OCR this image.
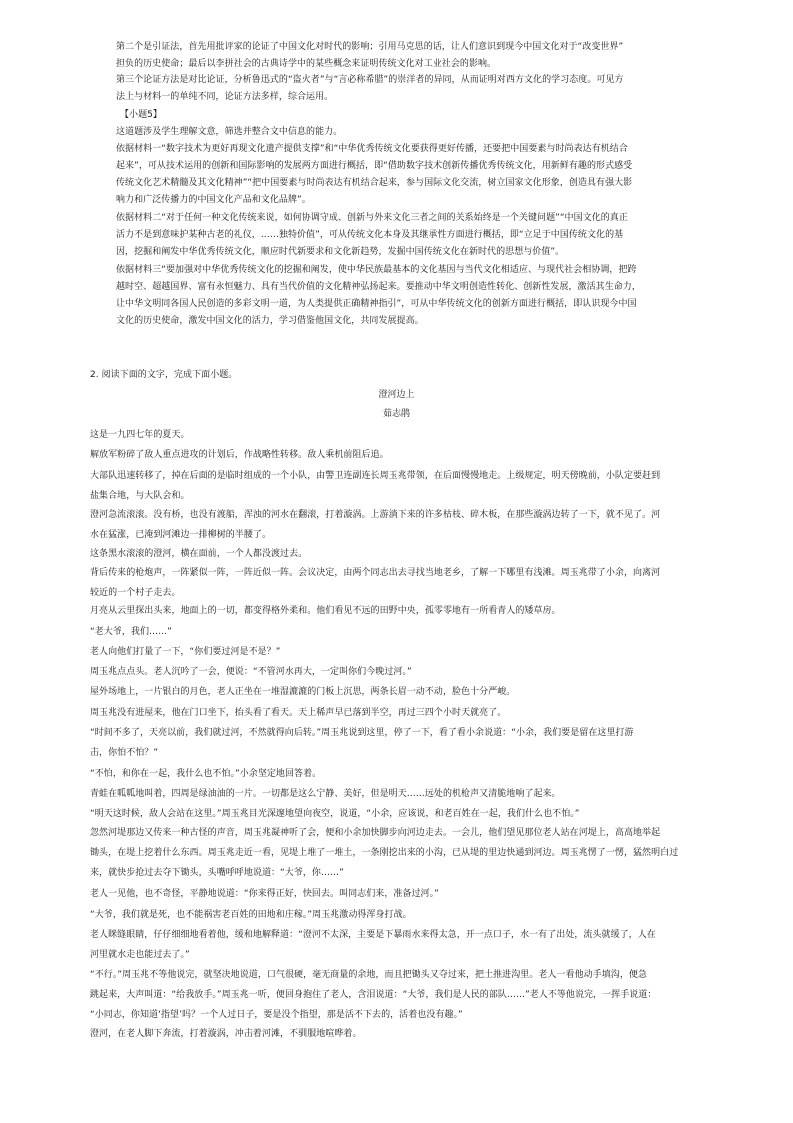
第二个是引证法，首先用批评家的论证了中国文化对时代的影响；引用马克思的话，让人们意识到现今中国文化对于“改变世界”

担负的历史使命；最后以李拼社会的古典诗学中的某些概念来证明传统文化对工业社会的影响。

第三个论证方法是对比论证，分析鲁迅式的“盗火者”与“言必称希腊”的崇洋者的异同，从而证明对西方文化的学习态度。可见方

法上与材料一的单纯不同，论证方法多样，综合运用。

【小题5】

这道题涉及学生理解文意，筛选并整合文中信息的能力。

依据材料一“数字技术为更好再现文化遗产提供支撑”和“中华优秀传统文化要获得更好传播，还要把中国要素与时尚表达有机结合

起来”，可从技术运用的创新和国际影响的发展两方面进行概括，即“借助数字技术创新传播优秀传统文化，用新鲜有趣的形式感受

传统文化艺术精髓及其文化精神”“把中国要素与时尚表达有机结合起来，参与国际文化交流，树立国家文化形象，创造具有强大影

响力和广泛传播力的中国文化产品和文化品牌”。

依据材料二“对于任何一种文化传统来说，如何协调守成、创新与外来文化三者之间的关系始终是一个关键问题”“中国文化的真正

活力不是到意味护某种古老的礼仪，……独特价值”，可从传统文化本身及其继承性方面进行概括，即“立足于中国传统文化的基

因，挖掘和阐发中华优秀传统文化，顺应时代新要求和文化新趋势，发掘中国传统文化在新时代的思想与价值”。

依据材料三“要加强对中华优秀传统文化的挖掘和阐发，使中华民族最基本的文化基因与当代文化相适应、与现代社会相协调，把跨

越时空、超越国界、富有永恒魅力、具有当代价值的文化精神弘扬起来。要推动中华文明创造性转化、创新性发展，激活其生命力，

让中华文明同各国人民创造的多彩文明一道，为人类提供正确精神指引”，可从中华传统文化的创新方面进行概括，即认识现今中国

文化的历史使命，激发中国文化的活力，学习借鉴他国文化，共同发展提高。

2. 阅读下面的文字，完成下面小题。

澄河边上

茹志鹃

这是一九四七年的夏天。

解放军粉碎了敌人重点进攻的计划后，作战略性转移。敌人乘机前阻后追。

大部队迅速转移了，掉在后面的是临时组成的一个小队，由警卫连副连长周玉兆带领，在后面慢慢地走。上级规定，明天傍晚前，小队定要赶到

盐集合地，与大队会和。

澄河急流滚滚。没有桥，也没有渡船，浑浊的河水在翻滚，打着漩涡。上游淌下来的许多枯枝、碎木板，在那些漩涡边转了一下，就不见了。河

水在猛涨，已淹到河滩边一排柳树的半腰了。

这条黑水滚滚的澄河，横在面前，一个人都没渡过去。

背后传来的枪炮声，一阵紧似一阵，一阵近似一阵。会议决定，由两个同志出去寻找当地老乡，了解一下哪里有浅滩。周玉兆带了小余，向离河

较近的一个村子走去。

月亮从云里探出头来，地面上的一切，都变得格外柔和。他们看见不远的田野中央，孤零零地有一所看青人的矮草房。

“老大爷，我们……”

老人向他们打量了一下，“你们要过河是不是？”

周玉兆点点头。老人沉吟了一会，便说：“不管河水再大，一定叫你们今晚过河。”

屋外场地上，一片银白的月色，老人正坐在一堆湿漉漉的门板上沉思，两条长眉一动不动，脸色十分严峻。

周玉兆没有进屋来，他在门口坐下，抬头看了看天。天上稀声早已落到半空，再过三四个小时天就亮了。

“时间不多了，天亮以前，我们就过河，不然就得向后转。”周玉兆说到这里，停了一下，看了看小余说道：“小余，我们要是留在这里打游

击，你怕不怕？”

“不怕，和你在一起，我什么也不怕。”小余坚定地回答着。

青蛙在呱呱地叫着，四周是绿油油的一片。一切都是这么宁静、美好，但是明天……远处的机枪声又清脆地响了起来。

“明天这时候，敌人会站在这里。”周玉兆目光深邃地望向夜空，说道，“小余，应该说，和老百姓在一起，我们什么也不怕。”

忽然河堤那边又传来一种古怪的声音，周玉兆凝神听了会，便和小余加快脚步向河边走去。一会儿，他们望见那位老人站在河堤上，高高地举起

锄头，在堤上挖着什么东西。周玉兆走近一看，见堤上堆了一堆土，一条刚挖出来的小沟，已从堤的里边快通到河边。周玉兆愣了一愣，猛然明白过

来，就快步抢过去夺下锄头，头嘴呼呼地说道：“大爷，你……”

老人一见他，也不奇怪，平静地说道：“你来得正好，快回去。叫同志们来，准备过河。”

“大爷，我们就是死，也不能祸害老百姓的田地和庄稼。”周玉兆激动得浑身打战。

老人眯缝眼睛，仔仔细细地看着他，缓和地解释道：“澄河不太深，主要是下暴雨水来得太急，开一点口子，水一有了出处，流头就缓了，人在

河里就水走也能过去了。”

“不行。”周玉兆不等他说完，就坚决地说道，口气很硬，毫无商量的余地，而且把锄头又夺过来，把土推进沟里。老人一看他动手填沟，便急

跳起来，大声叫道：“给我放手。”周玉兆一听，便回身抱住了老人，含泪说道：“大爷，我们是人民的部队……”老人不等他说完，一挥手说道：

“小同志，你知道‘指望’吗？一个人过日子，要是没个指望，那是活不下去的，活着也没有趣。”

澄河，在老人脚下奔流，打着漩涡，冲击着河滩，不驯服地喧哗着。
